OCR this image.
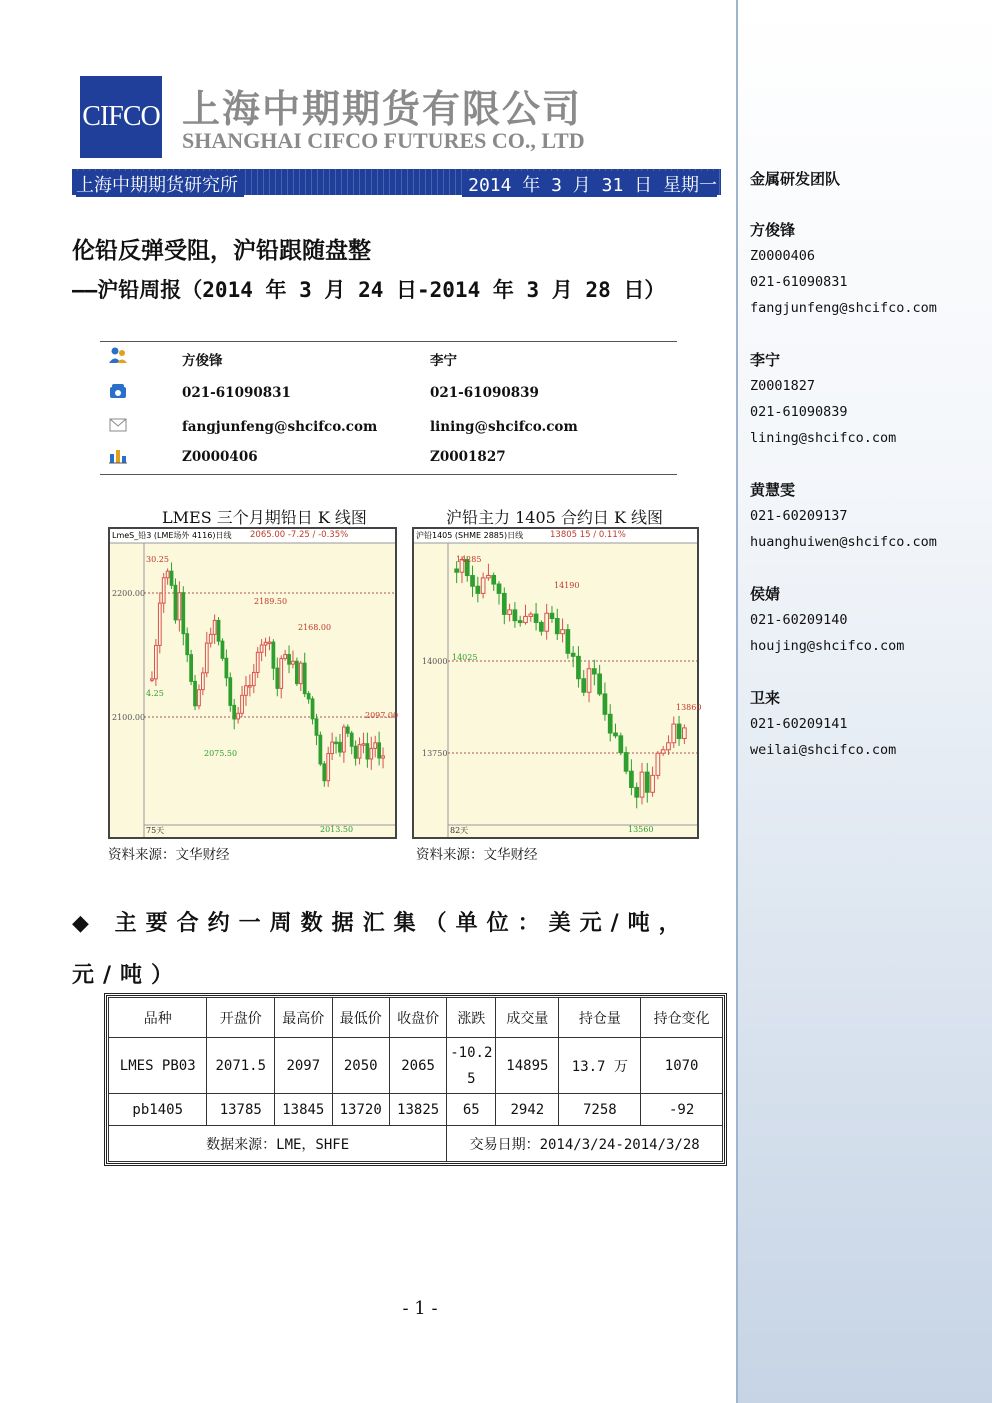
金属研发团队
方俊锋
Z0000406
021-61090831
fangjunfeng@shcifco.com
李宁
Z0001827
021-61090839
lining@shcifco.com
黄慧雯
021-60209137
huanghuiwen@shcifco.com
侯婧
021-60209140
houjing@shcifco.com
卫来
021-60209141
weilai@shcifco.com
CIFCO 上海中期期货有限公司
SHANGHAI CIFCO FUTURES CO., LTD
上海中期期货研究所	2014 年 3 月 31 日 星期一
伦铅反弹受阻，沪铅跟随盘整
——沪铅周报（2014 年 3 月 24 日-2014 年 3 月 28 日）
方俊锋	李宁
021-61090831	021-61090839
fangjunfeng@shcifco.com	lining@shcifco.com
Z0000406	Z0001827
LMES 三个月期铅日 K 线图	沪铅主力 1405 合约日 K 线图
LmeS_铅3 (LME场外 4116)日线 2065.00 -7.25 / -0.35%
2200.00
2100.00
30.25
2189.50
2168.00
4.25
2075.50
2013.50
2097.00
75天
沪铅1405 (SHME 2885)日线	13805 15 / 0.11%
14000
13750
14285
14190
14025
13560
13860
82天
资料来源：文华财经	资料来源：文华财经
◆ 主要合约一周数据汇集（单位：美元/吨，元/吨）
品种	开盘价	最高价	最低价	收盘价	涨跌	成交量	持仓量	持仓变化
LMES PB03	2071.5	2097	2050	2065	-10.25	14895	13.7 万	1070
pb1405	13785	13845	13720	13825	65	2942	7258	-92
数据来源：LME，SHFE					交易日期：2014/3/24-2014/3/28			
- 1 -
